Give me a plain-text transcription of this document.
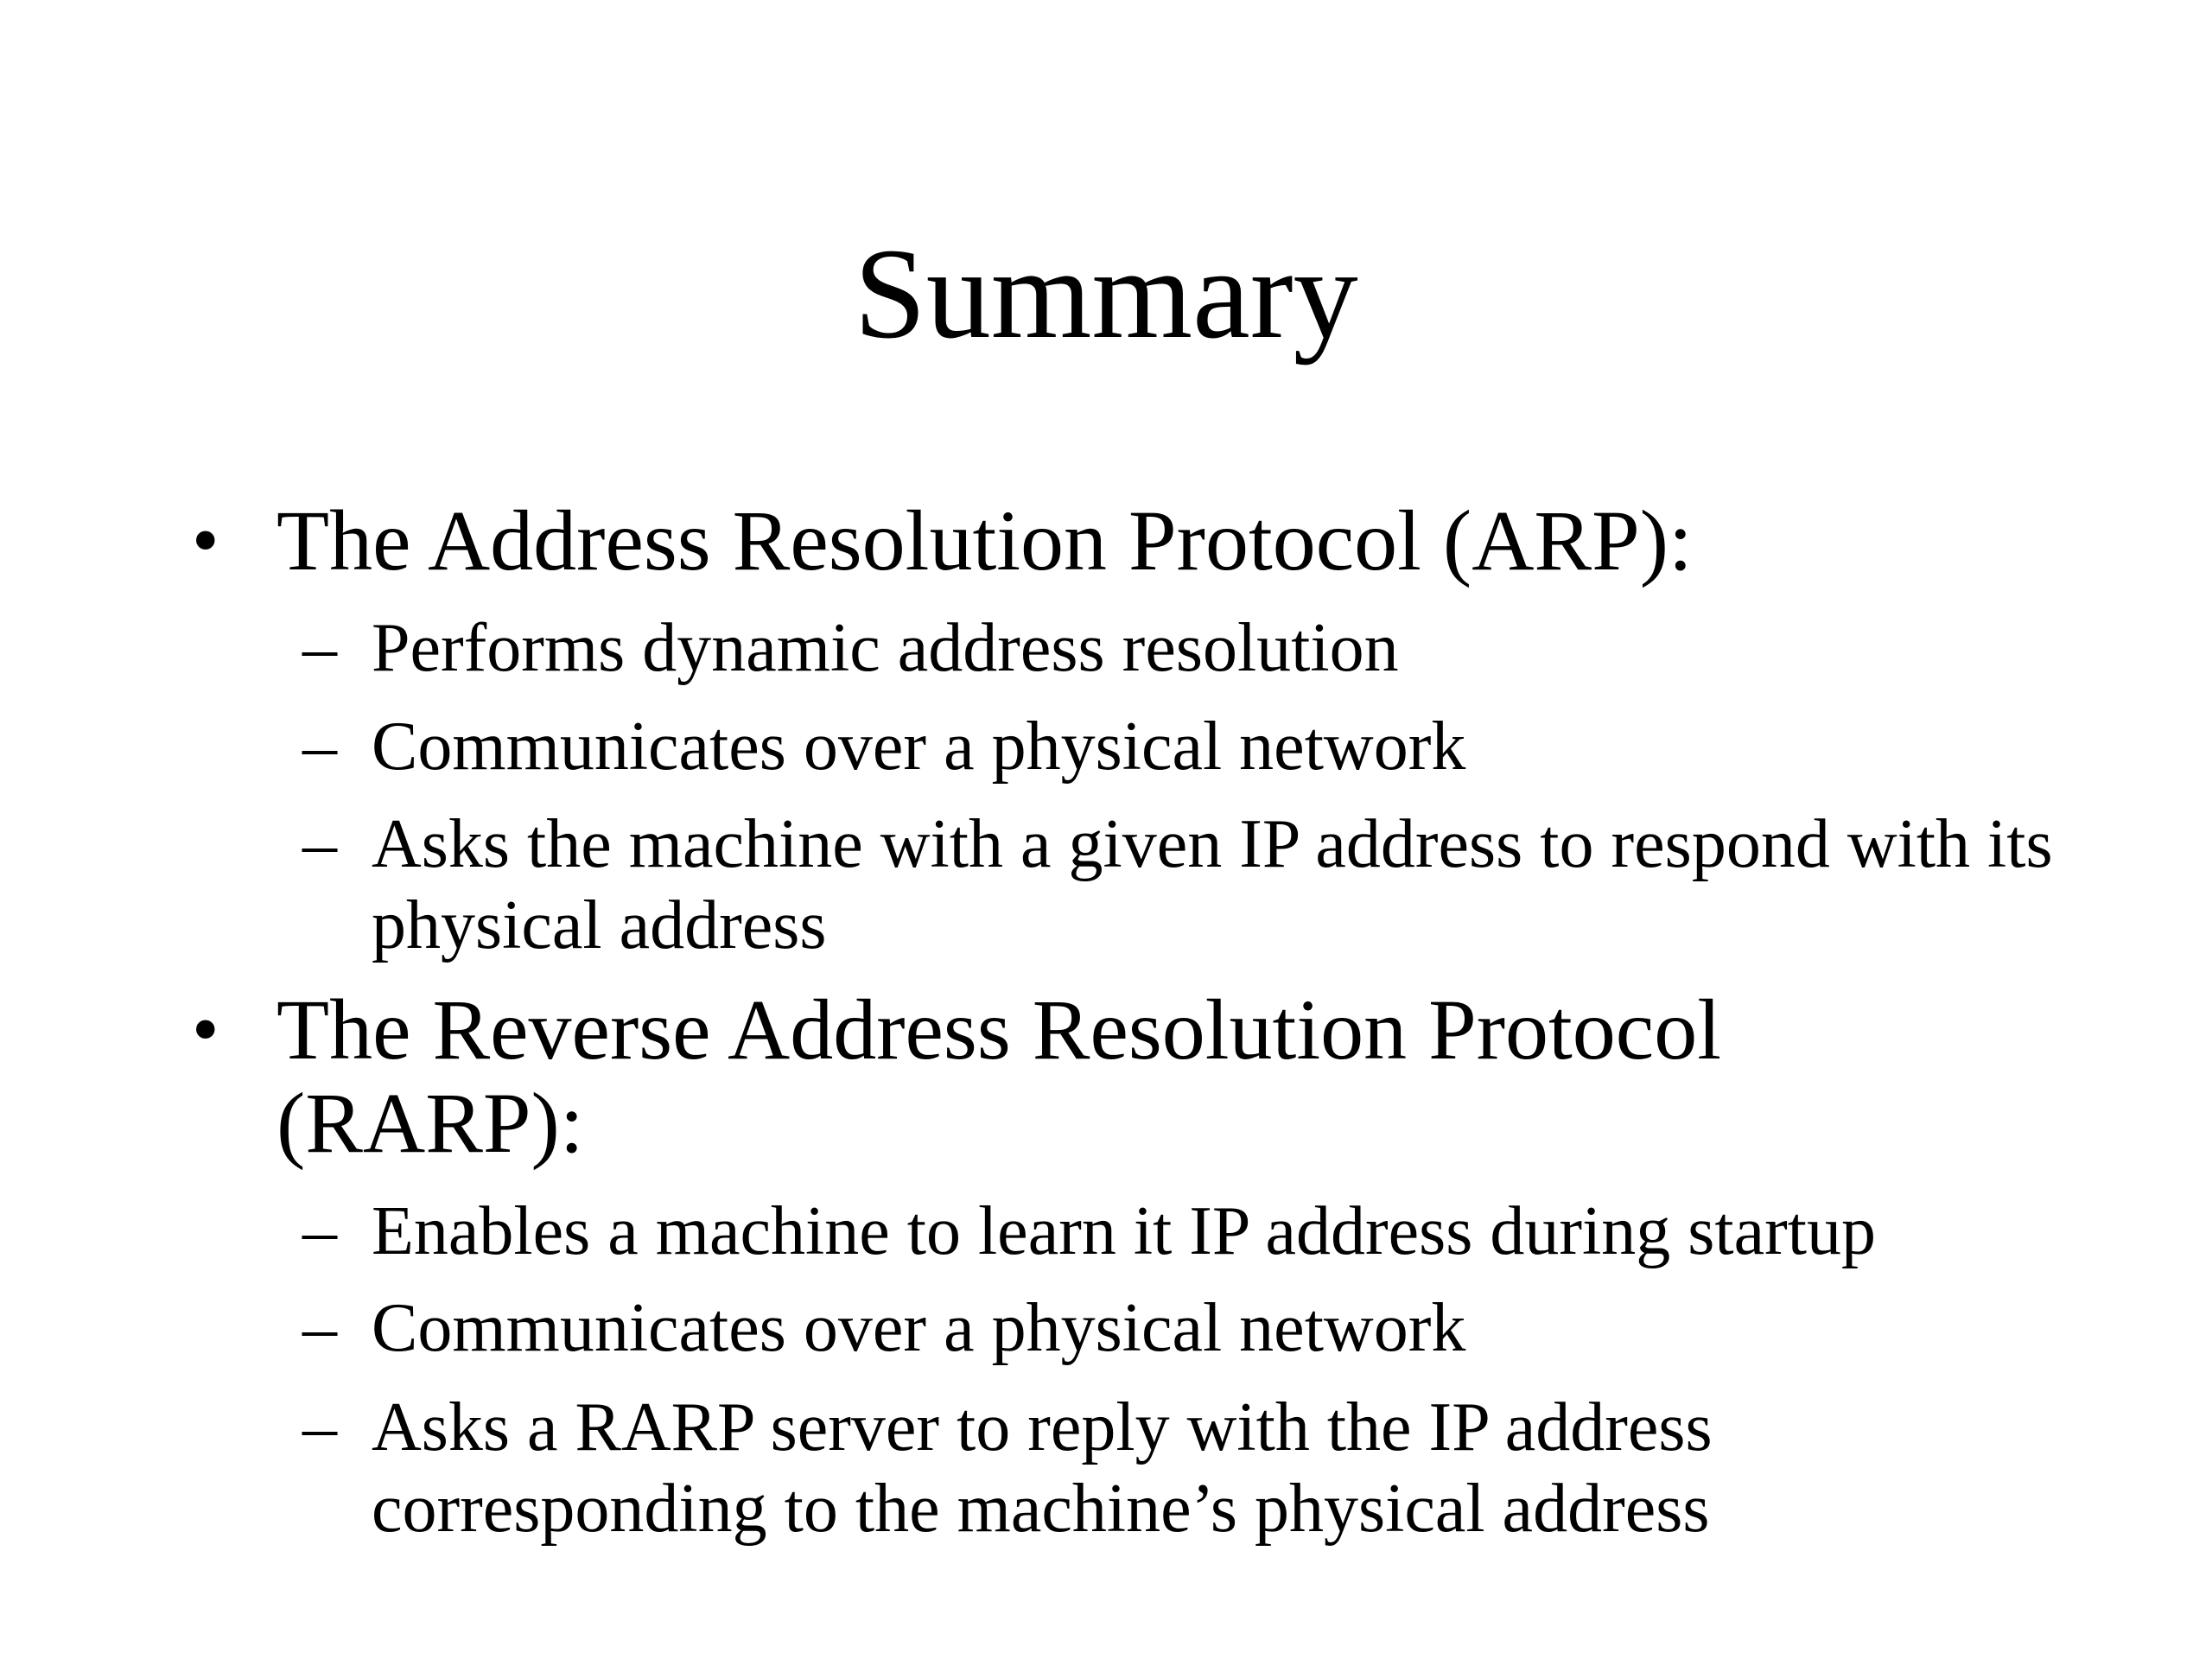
Summary
• The Address Resolution Protocol (ARP):
– Performs dynamic address resolution
– Communicates over a physical network
– Asks the machine with a given IP address to respond with its physical address
• The Reverse Address Resolution Protocol (RARP):
– Enables a machine to learn it IP address during startup
– Communicates over a physical network
– Asks a RARP server to reply with the IP address corresponding to the machine’s physical address
